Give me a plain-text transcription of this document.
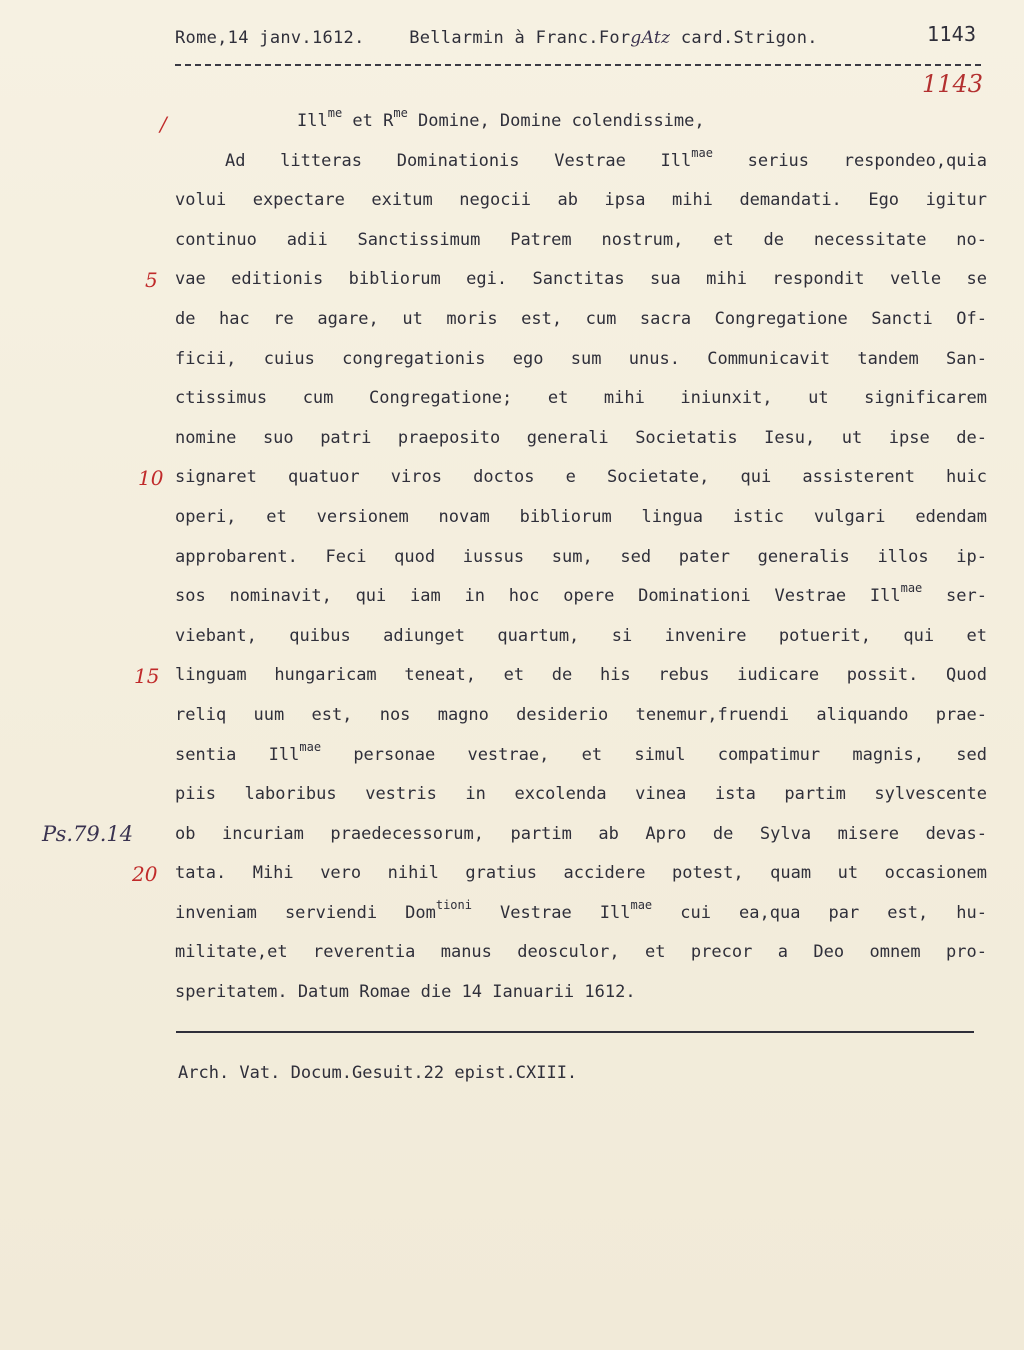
Rome,14 janv.1612.	Bellarmin à Franc.ForgAtz card.Strigon.	1143
1143
/
5
10
15
20
Ps.79.14
Ill$^{me}$ et $R^{me}$ Domine, Domine colendissime,
Ad litteras Dominationis Vestrae Ill$^{mae}$ serius respondeo,quia
volui expectare exitum negocii ab ipsa mihi demandati. Ego igitur
continuo adii Sanctissimum Patrem nostrum, et de necessitate no-
vae editionis bibliorum egi. Sanctitas sua mihi respondit velle se
de hac re agare, ut moris est, cum sacra Congregatione Sancti Of-
ficii, cuius congregationis ego sum unus. Communicavit tandem San-
ctissimus cum Congregatione; et mihi iniunxit, ut significarem
nomine suo patri praeposito generali Societatis Iesu, ut ipse de-
signaret quatuor viros doctos e Societate, qui assisterent huic
operi, et versionem novam bibliorum lingua istic vulgari edendam
approbarent. Feci quod iussus sum, sed pater generalis illos ip-
sos nominavit, qui iam in hoc opere Dominationi Vestrae Ill$^{mae}$ ser-
viebant, quibus adiunget quartum, si invenire potuerit, qui et
linguam hungaricam teneat, et de his rebus iudicare possit. Quod
reliq uum est, nos magno desiderio tenemur,fruendi aliquando prae-
sentia Ill$^{mae}$ personae vestrae, et simul compatimur magnis, sed
piis laboribus vestris in excolenda vinea ista partim sylvescente
ob incuriam praedecessorum, partim ab Apro de Sylva misere devas-
tata. Mihi vero nihil gratius accidere potest, quam ut occasionem
inveniam serviendi Dom$^{tioni}$ Vestrae Ill$^{mae}$ cui ea,qua par est, hu-
militate,et reverentia manus deosculor, et precor a Deo omnem pro-
speritatem. Datum Romae die 14 Ianuarii 1612.
Arch. Vat. Docum.Gesuit.22 epist.CXIII.
